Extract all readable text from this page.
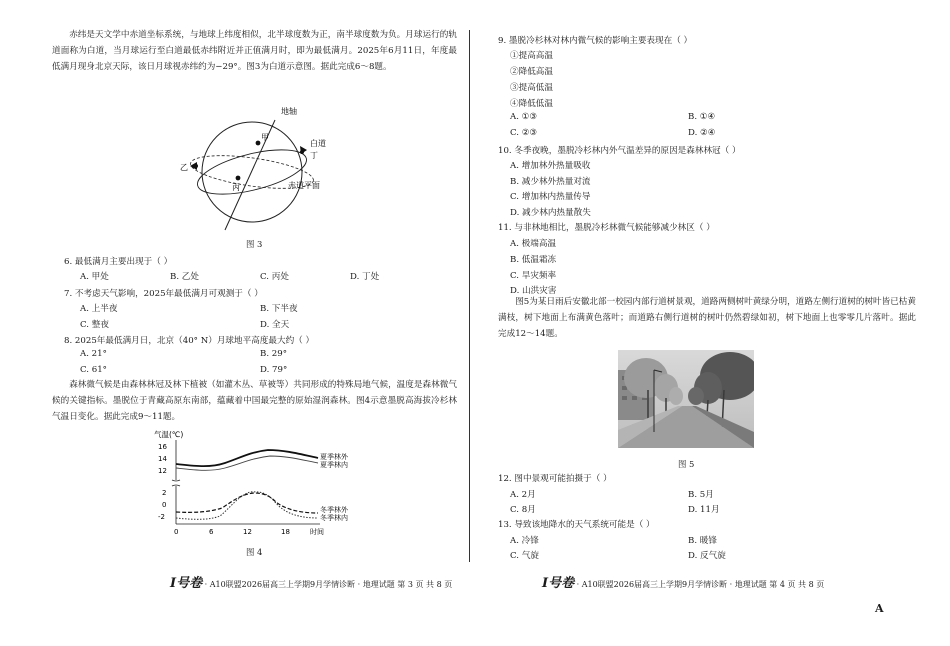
赤纬是天文学中赤道坐标系统，与地球上纬度相似，北半球度数为正，南半球度数为负。月球运行的轨道面称为白道，当月球运行至白道最低赤纬附近并正值满月时，即为最低满月。2025年6月11日，年度最低满月现身北京天际，该日月球视赤纬约为−29°。图3为白道示意图。据此完成6～8题。
地轴
甲
乙
丙
丁
白道
赤道平面
图 3
6. 最低满月主要出现于（ ）
A. 甲处	B. 乙处	C. 丙处	D. 丁处
7. 不考虑天气影响，2025年最低满月可观测于（ ）
A. 上半夜	B. 下半夜
C. 整夜	D. 全天
8. 2025年最低满月日，北京（40° N）月球地平高度最大约（ ）
A. 21°	B. 29°
C. 61°	D. 79°
森林微气候是由森林林冠及林下植被（如灌木丛、草被等）共同形成的特殊局地气候，温度是森林微气候的关键指标。墨脱位于青藏高原东南部，蕴藏着中国最完整的原始湿润森林。图4示意墨脱高海拔冷杉林气温日变化。据此完成9～11题。
气温(℃)
16
14
12
2
0
-2
0	6	12	18	时间
夏季林外
夏季林内
冬季林外
冬季林内
图 4
I号卷 · A10联盟2026届高三上学期9月学情诊断 · 地理试题 第 3 页 共 8 页
9. 墨脱冷杉林对林内微气候的影响主要表现在（ ）
①提高高温
②降低高温
③提高低温
④降低低温
A. ①③	B. ①④
C. ②③	D. ②④
10. 冬季夜晚，墨脱冷杉林内外气温差异的原因是森林林冠（ ）
A. 增加林外热量吸收
B. 减少林外热量对流
C. 增加林内热量传导
D. 减少林内热量散失
11. 与非林地相比，墨脱冷杉林微气候能够减少林区（ ）
A. 极端高温
B. 低温霜冻
C. 旱灾频率
D. 山洪灾害
图5为某日雨后安徽北部一校园内部行道树景观，道路两侧树叶黄绿分明，道路左侧行道树的树叶皆已枯黄满枝，树下地面上布满黄色落叶；而道路右侧行道树的树叶仍然碧绿如初，树下地面上也零零几片落叶。据此完成12～14题。
图 5
12. 图中景观可能拍摄于（ ）
A. 2月	B. 5月
C. 8月	D. 11月
13. 导致该地降水的天气系统可能是（ ）
A. 冷锋	B. 暖锋
C. 气旋	D. 反气旋
I号卷 · A10联盟2026届高三上学期9月学情诊断 · 地理试题 第 4 页 共 8 页
A
